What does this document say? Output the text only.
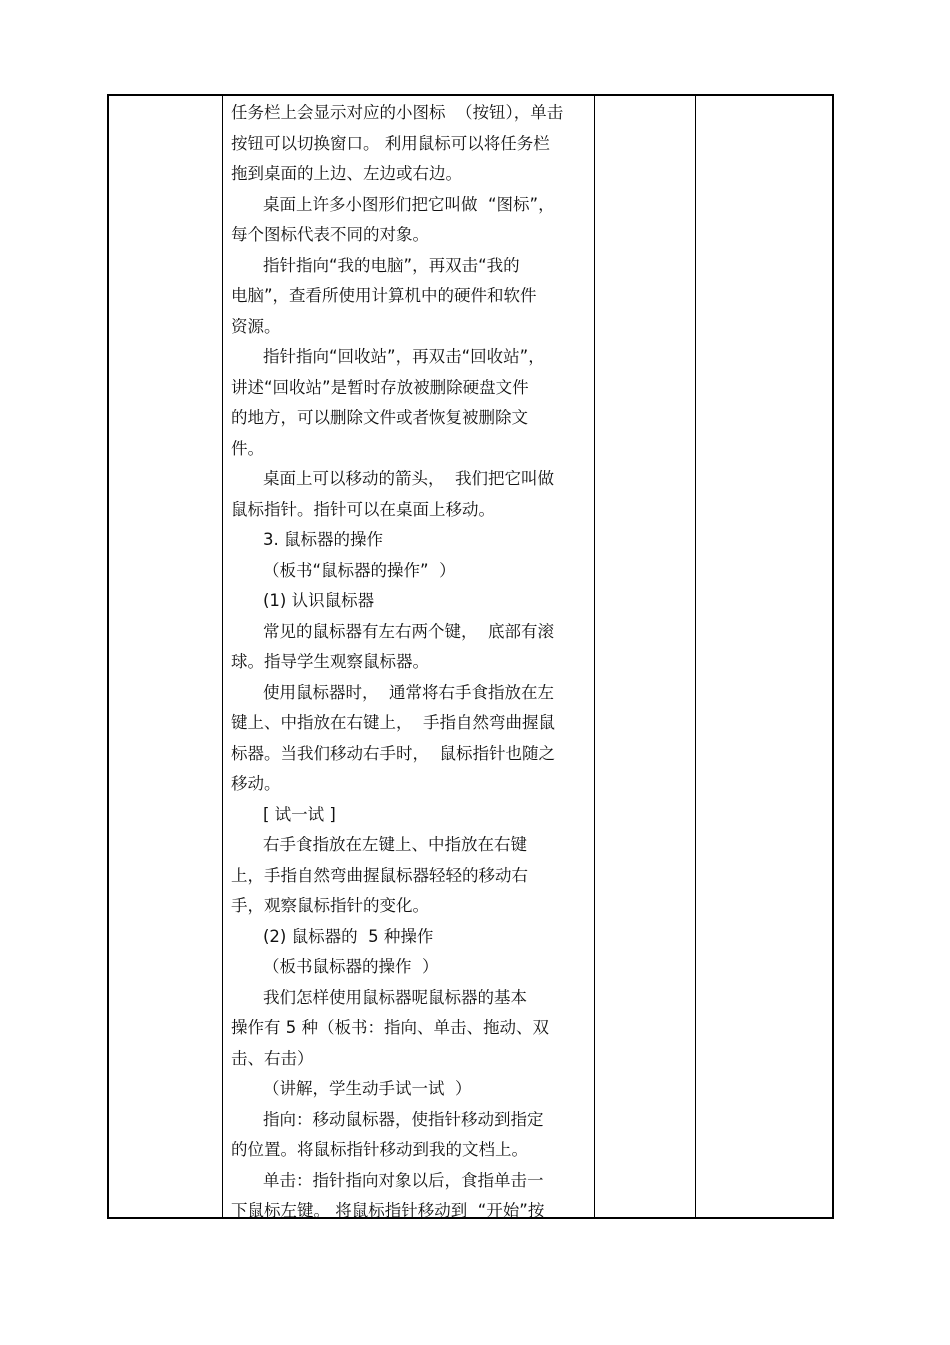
任务栏上会显示对应的小图标  （按钮），单击
按钮可以切换窗口。 利用鼠标可以将任务栏
拖到桌面的上边、左边或右边。
桌面上许多小图形们把它叫做  “图标”，
每个图标代表不同的对象。
指针指向“我的电脑”，再双击“我的
电脑”，查看所使用计算机中的硬件和软件
资源。
指针指向“回收站”，再双击“回收站”，
讲述“回收站”是暂时存放被删除硬盘文件
的地方，可以删除文件或者恢复被删除文
件。
桌面上可以移动的箭头，  我们把它叫做
鼠标指针。指针可以在桌面上移动。
3. 鼠标器的操作
（板书“鼠标器的操作”  ）
(1) 认识鼠标器
常见的鼠标器有左右两个键，  底部有滚
球。指导学生观察鼠标器。
使用鼠标器时，  通常将右手食指放在左
键上、中指放在右键上，  手指自然弯曲握鼠
标器。当我们移动右手时，  鼠标指针也随之
移动。
[ 试一试 ]
右手食指放在左键上、中指放在右键
上，手指自然弯曲握鼠标器轻轻的移动右
手，观察鼠标指针的变化。
(2) 鼠标器的  5 种操作
（板书鼠标器的操作  ）
我们怎样使用鼠标器呢鼠标器的基本
操作有 5 种（板书：指向、单击、拖动、双
击、右击）
（讲解，学生动手试一试  ）
指向：移动鼠标器，使指针移动到指定
的位置。将鼠标指针移动到我的文档上。
单击：指针指向对象以后，食指单击一
下鼠标左键。 将鼠标指针移动到  “开始”按
